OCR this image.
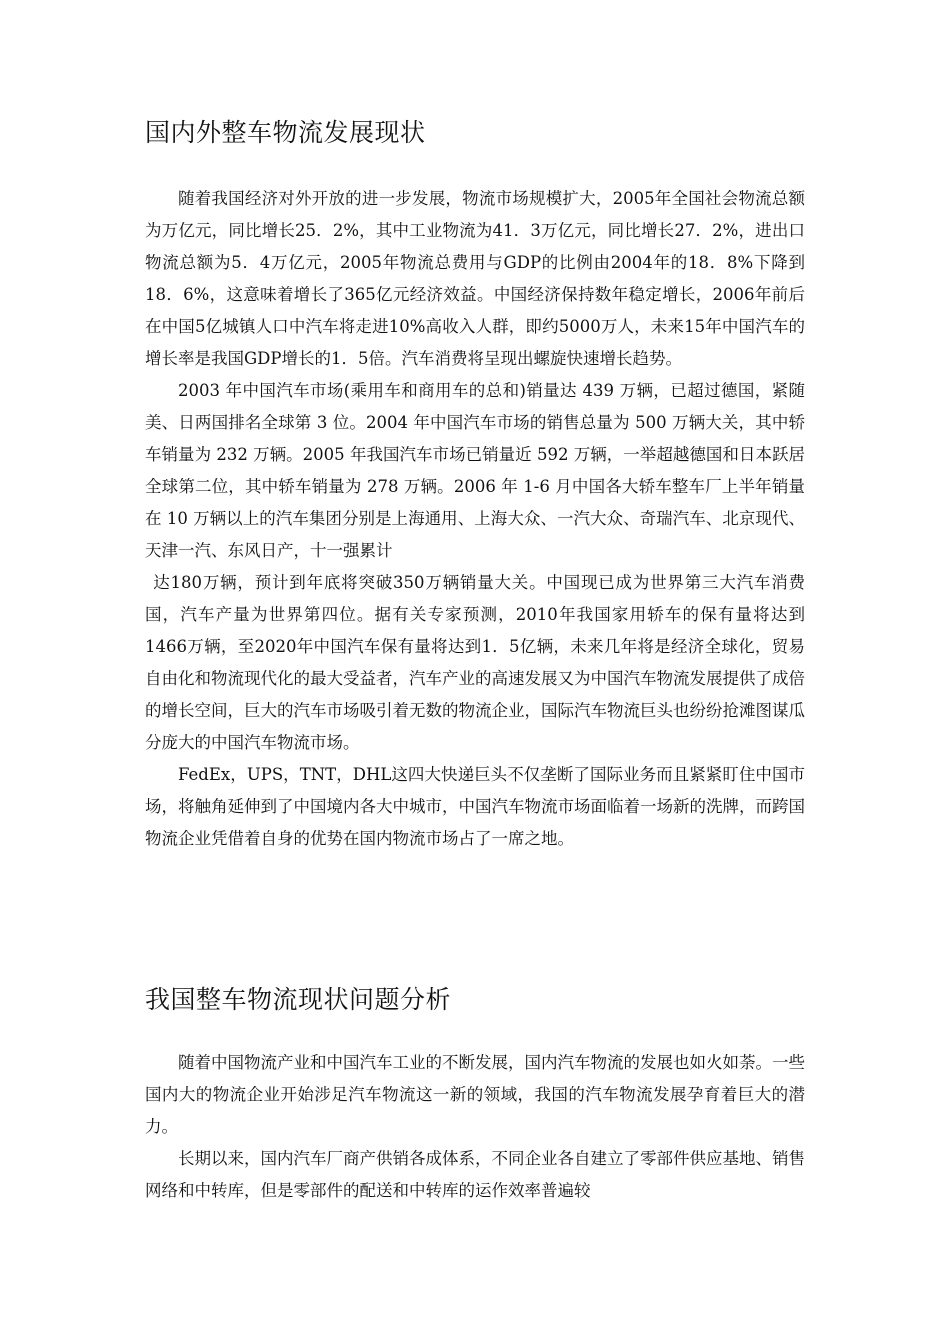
国内外整车物流发展现状

随着我国经济对外开放的进一步发展，物流市场规模扩大，2005年全国社会物流总额为万亿元，同比增长25．2%，其中工业物流为41．3万亿元，同比增长27．2%，进出口物流总额为5．4万亿元，2005年物流总费用与GDP的比例由2004年的18．8%下降到18．6%，这意味着增长了365亿元经济效益。中国经济保持数年稳定增长，2006年前后在中国5亿城镇人口中汽车将走进10%高收入人群，即约5000万人，未来15年中国汽车的增长率是我国GDP增长的1．5倍。汽车消费将呈现出螺旋快速增长趋势。

2003 年中国汽车市场(乘用车和商用车的总和)销量达 439 万辆，已超过德国，紧随美、日两国排名全球第 3 位。2004 年中国汽车市场的销售总量为 500 万辆大关，其中轿车销量为 232 万辆。2005 年我国汽车市场已销量近 592 万辆，一举超越德国和日本跃居全球第二位，其中轿车销量为 278 万辆。2006 年 1-6 月中国各大轿车整车厂上半年销量在 10 万辆以上的汽车集团分别是上海通用、上海大众、一汽大众、奇瑞汽车、北京现代、天津一汽、东风日产，十一强累计

达180万辆，预计到年底将突破350万辆销量大关。中国现已成为世界第三大汽车消费国，汽车产量为世界第四位。据有关专家预测，2010年我国家用轿车的保有量将达到1466万辆，至2020年中国汽车保有量将达到1．5亿辆，未来几年将是经济全球化，贸易自由化和物流现代化的最大受益者，汽车产业的高速发展又为中国汽车物流发展提供了成倍的增长空间，巨大的汽车市场吸引着无数的物流企业，国际汽车物流巨头也纷纷抢滩图谋瓜分庞大的中国汽车物流市场。

FedEx，UPS，TNT，DHL这四大快递巨头不仅垄断了国际业务而且紧紧盯住中国市场，将触角延伸到了中国境内各大中城市，中国汽车物流市场面临着一场新的洗牌，而跨国物流企业凭借着自身的优势在国内物流市场占了一席之地。

我国整车物流现状问题分析

随着中国物流产业和中国汽车工业的不断发展，国内汽车物流的发展也如火如荼。一些国内大的物流企业开始涉足汽车物流这一新的领域，我国的汽车物流发展孕育着巨大的潜力。

长期以来，国内汽车厂商产供销各成体系，不同企业各自建立了零部件供应基地、销售网络和中转库，但是零部件的配送和中转库的运作效率普遍较
